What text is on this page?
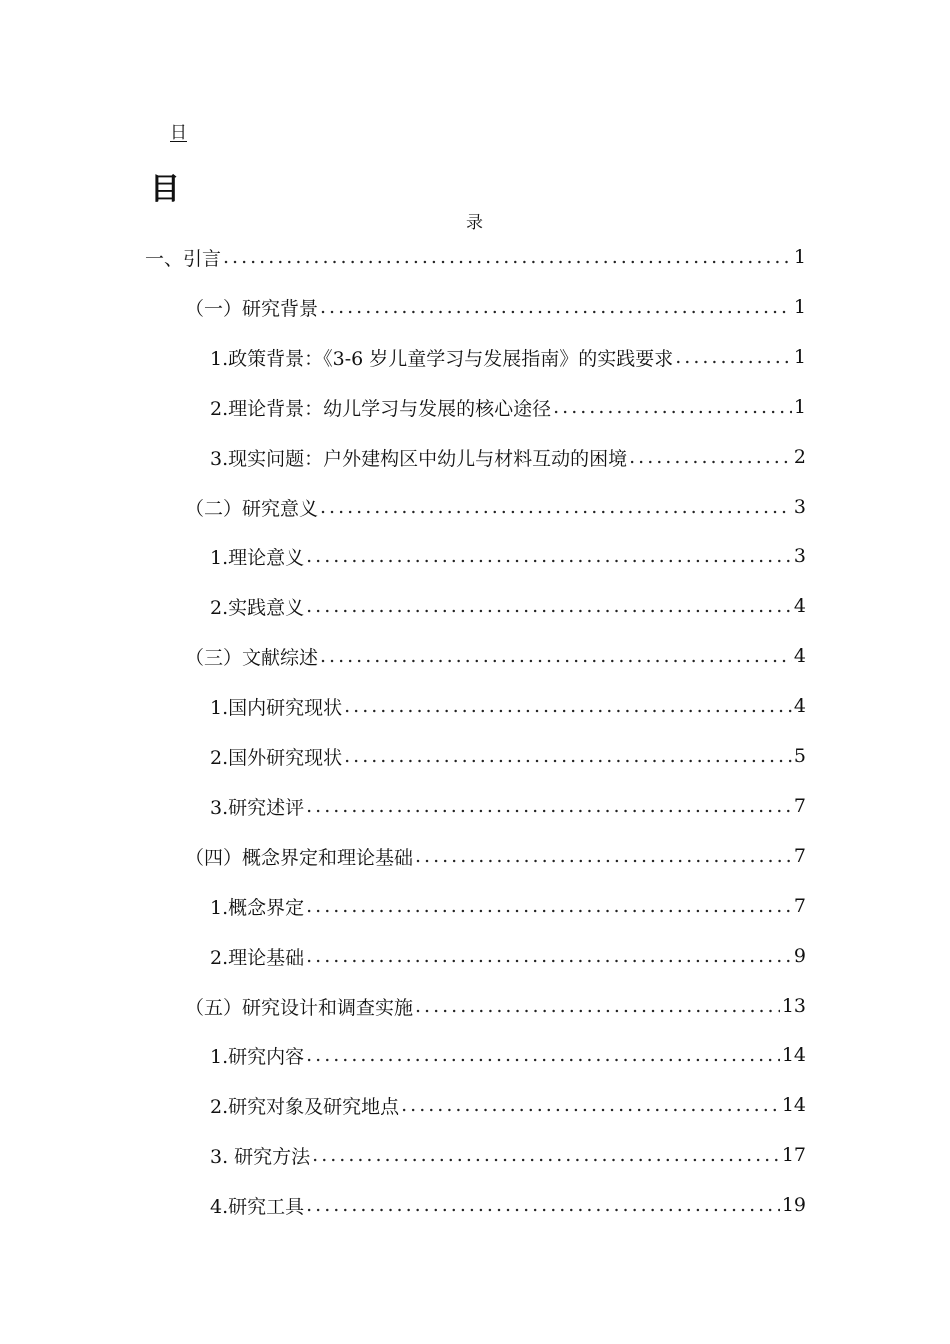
日
目
录
一、引言 .....	1
（一）研究背景 .....	1
1.政策背景：《3-6 岁儿童学习与发展指南》的实践要求 .....	1
2.理论背景：幼儿学习与发展的核心途径 .....	1
3.现实问题：户外建构区中幼儿与材料互动的困境 .....	2
（二）研究意义 .....	3
1.理论意义 .....	3
2.实践意义 .....	4
（三）文献综述 .....	4
1.国内研究现状 .....	4
2.国外研究现状 .....	5
3.研究述评 .....	7
（四）概念界定和理论基础 .....	7
1.概念界定 .....	7
2.理论基础 .....	9
（五）研究设计和调查实施 .....	13
1.研究内容 .....	14
2.研究对象及研究地点 .....	14
3. 研究方法 .....	17
4.研究工具 .....	19
